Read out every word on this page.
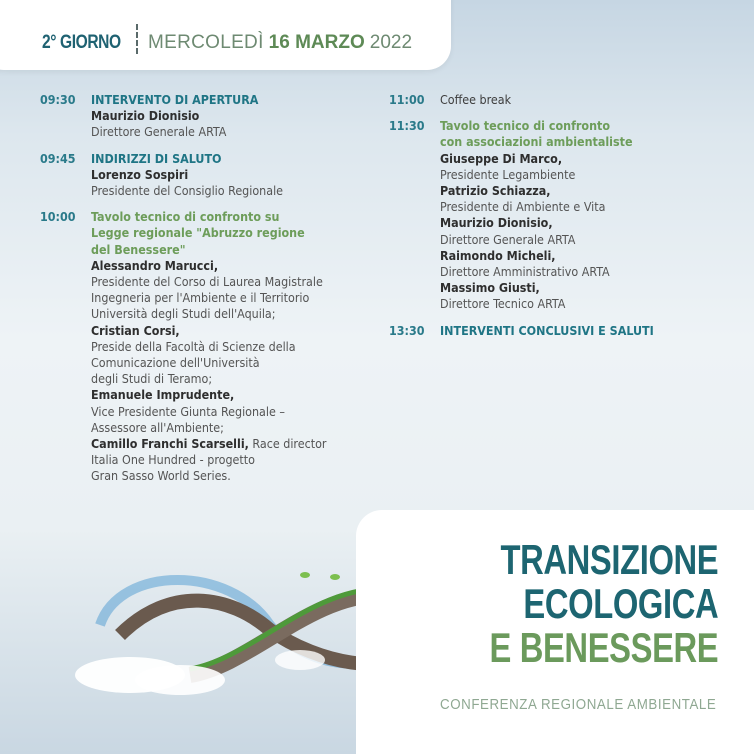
2° GIORNO MERCOLEDÌ 16 MARZO 2022
09:30	INTERVENTO DI APERTURA
Maurizio Dionisio
Direttore Generale ARTA
09:45	INDIRIZZI DI SALUTO
Lorenzo Sospiri
Presidente del Consiglio Regionale
10:00	Tavolo tecnico di confronto su
Legge regionale "Abruzzo regione
del Benessere"
Alessandro Marucci,
Presidente del Corso di Laurea Magistrale
Ingegneria per l'Ambiente e il Territorio
Università degli Studi dell'Aquila;
Cristian Corsi,
Preside della Facoltà di Scienze della
Comunicazione dell'Università
degli Studi di Teramo;
Emanuele Imprudente,
Vice Presidente Giunta Regionale –
Assessore all'Ambiente;
Camillo Franchi Scarselli, Race director
Italia One Hundred - progetto
Gran Sasso World Series.
11:00	Coffee break
11:30	Tavolo tecnico di confronto
con associazioni ambientaliste
Giuseppe Di Marco,
Presidente Legambiente
Patrizio Schiazza,
Presidente di Ambiente e Vita
Maurizio Dionisio,
Direttore Generale ARTA
Raimondo Micheli,
Direttore Amministrativo ARTA
Massimo Giusti,
Direttore Tecnico ARTA
13:30	INTERVENTI CONCLUSIVI E SALUTI
TRANSIZIONE
ECOLOGICA
E BENESSERE
CONFERENZA REGIONALE AMBIENTALE
